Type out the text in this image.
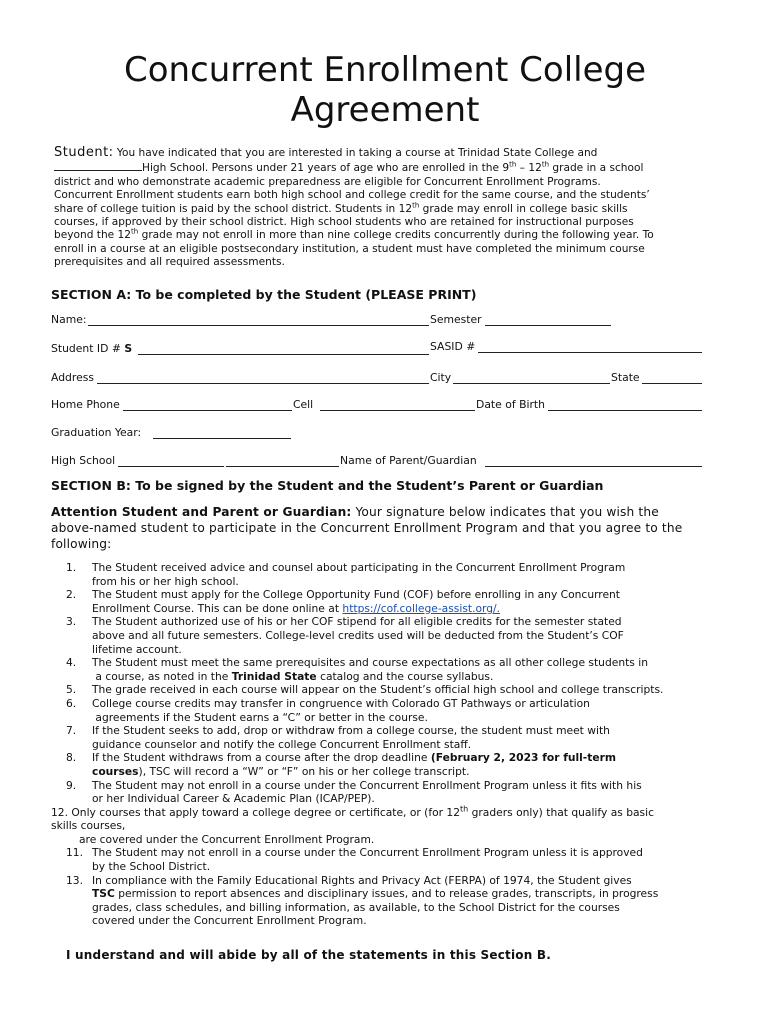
Concurrent Enrollment College
Agreement
Student: You have indicated that you are interested in taking a course at Trinidad State College and
High School. Persons under 21 years of age who are enrolled in the 9th – 12th grade in a school
district and who demonstrate academic preparedness are eligible for Concurrent Enrollment Programs.
Concurrent Enrollment students earn both high school and college credit for the same course, and the students’
share of college tuition is paid by the school district. Students in 12th grade may enroll in college basic skills
courses, if approved by their school district. High school students who are retained for instructional purposes
beyond the 12th grade may not enroll in more than nine college credits concurrently during the following year. To
enroll in a course at an eligible postsecondary institution, a student must have completed the minimum course
prerequisites and all required assessments.
SECTION A: To be completed by the Student (PLEASE PRINT)
Name:	Semester
Student ID # S	SASID #
Address	City	State
Home Phone	Cell	Date of Birth
Graduation Year:
High School	Name of Parent/Guardian
SECTION B: To be signed by the Student and the Student’s Parent or Guardian
Attention Student and Parent or Guardian: Your signature below indicates that you wish the above-named student to participate in the Concurrent Enrollment Program and that you agree to the following:
1.	The Student received advice and counsel about participating in the Concurrent Enrollment Program
from his or her high school.
2.	The Student must apply for the College Opportunity Fund (COF) before enrolling in any Concurrent
Enrollment Course. This can be done online at https://cof.college-assist.org/.
3.	The Student authorized use of his or her COF stipend for all eligible credits for the semester stated
above and all future semesters. College-level credits used will be deducted from the Student’s COF
lifetime account.
4.	The Student must meet the same prerequisites and course expectations as all other college students in
a course, as noted in the Trinidad State catalog and the course syllabus.
5.	The grade received in each course will appear on the Student’s official high school and college transcripts.
6.	College course credits may transfer in congruence with Colorado GT Pathways or articulation
agreements if the Student earns a “C” or better in the course.
7.	If the Student seeks to add, drop or withdraw from a college course, the student must meet with
guidance counselor and notify the college Concurrent Enrollment staff.
8.	If the Student withdraws from a course after the drop deadline (February 2, 2023 for full-term
courses), TSC will record a “W” or “F” on his or her college transcript.
9.	The Student may not enroll in a course under the Concurrent Enrollment Program unless it fits with his
or her Individual Career & Academic Plan (ICAP/PEP).
12. Only courses that apply toward a college degree or certificate, or (for 12th graders only) that qualify as basic
skills courses,
are covered under the Concurrent Enrollment Program.
11. The Student may not enroll in a course under the Concurrent Enrollment Program unless it is approved
by the School District.
13. In compliance with the Family Educational Rights and Privacy Act (FERPA) of 1974, the Student gives
TSC permission to report absences and disciplinary issues, and to release grades, transcripts, in progress
grades, class schedules, and billing information, as available, to the School District for the courses
covered under the Concurrent Enrollment Program.
I understand and will abide by all of the statements in this Section B.
